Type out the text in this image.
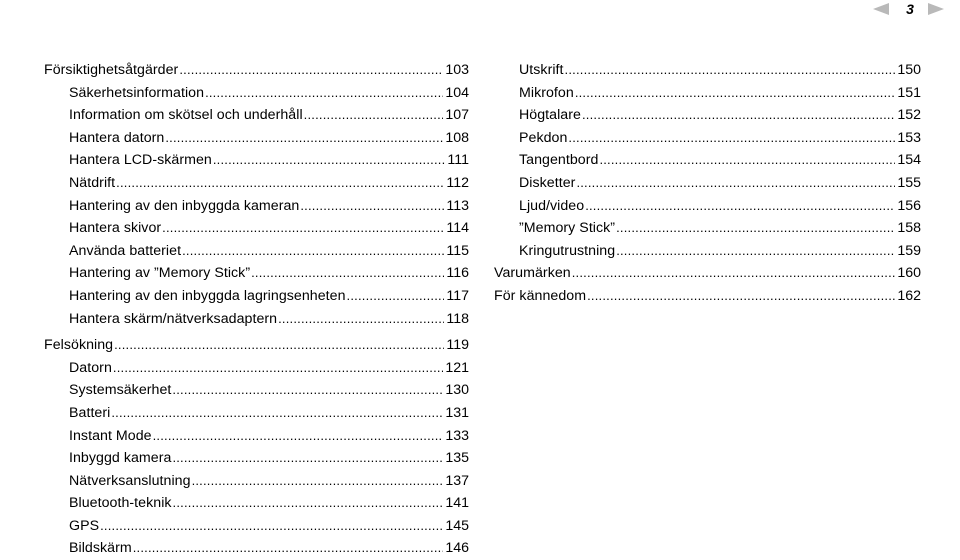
3
Försiktighetsåtgärder .....	103
Säkerhetsinformation .....	104
Information om skötsel och underhåll .....	107
Hantera datorn .....	108
Hantera LCD-skärmen .....	111
Nätdrift .....	112
Hantering av den inbyggda kameran .....	113
Hantera skivor .....	114
Använda batteriet .....	115
Hantering av ”Memory Stick” .....	116
Hantering av den inbyggda lagringsenheten .....	117
Hantera skärm/nätverksadaptern .....	118
Felsökning .....	119
Datorn .....	121
Systemsäkerhet .....	130
Batteri .....	131
Instant Mode .....	133
Inbyggd kamera .....	135
Nätverksanslutning .....	137
Bluetooth-teknik .....	141
GPS .....	145
Bildskärm .....	146
Utskrift .....	150
Mikrofon .....	151
Högtalare .....	152
Pekdon .....	153
Tangentbord .....	154
Disketter .....	155
Ljud/video .....	156
”Memory Stick” .....	158
Kringutrustning .....	159
Varumärken .....	160
För kännedom .....	162
